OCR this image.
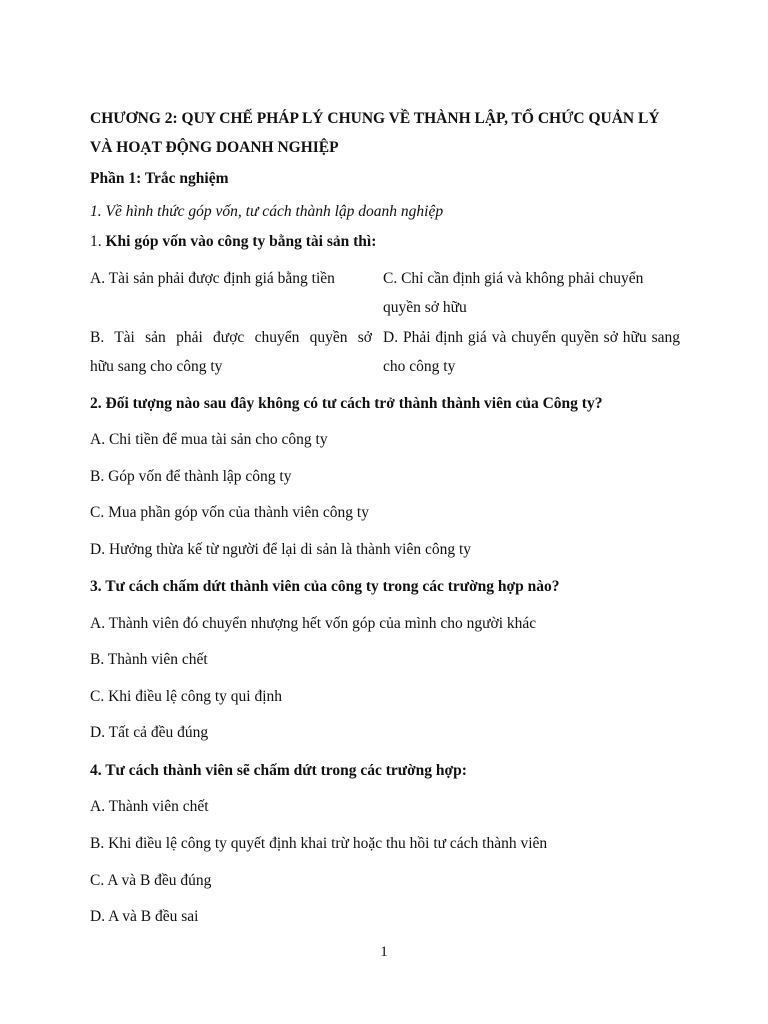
CHƯƠNG 2: QUY CHẾ PHÁP LÝ CHUNG VỀ THÀNH LẬP, TỔ CHỨC QUẢN LÝ VÀ HOẠT ĐỘNG DOANH NGHIỆP
Phần 1: Trắc nghiệm
1. Về hình thức góp vốn, tư cách thành lập doanh nghiệp
1. Khi góp vốn vào công ty bằng tài sản thì:
A. Tài sản phải được định giá bằng tiền	C. Chỉ cần định giá và không phải chuyển quyền sở hữu
B. Tài sản phải được chuyển quyền sở
hữu sang cho công ty
D. Phải định giá và chuyển quyền sở hữu sang cho công ty
2. Đối tượng nào sau đây không có tư cách trở thành thành viên của Công ty?
A. Chi tiền để mua tài sản cho công ty
B. Góp vốn để thành lập công ty
C. Mua phần góp vốn của thành viên công ty
D. Hưởng thừa kế từ người để lại di sản là thành viên công ty
3. Tư cách chấm dứt thành viên của công ty trong các trường hợp nào?
A. Thành viên đó chuyển nhượng hết vốn góp của mình cho người khác
B. Thành viên chết
C. Khi điều lệ công ty qui định
D. Tất cả đều đúng
4. Tư cách thành viên sẽ chấm dứt trong các trường hợp:
A. Thành viên chết
B. Khi điều lệ công ty quyết định khai trừ hoặc thu hồi tư cách thành viên
C. A và B đều đúng
D. A và B đều sai
1
